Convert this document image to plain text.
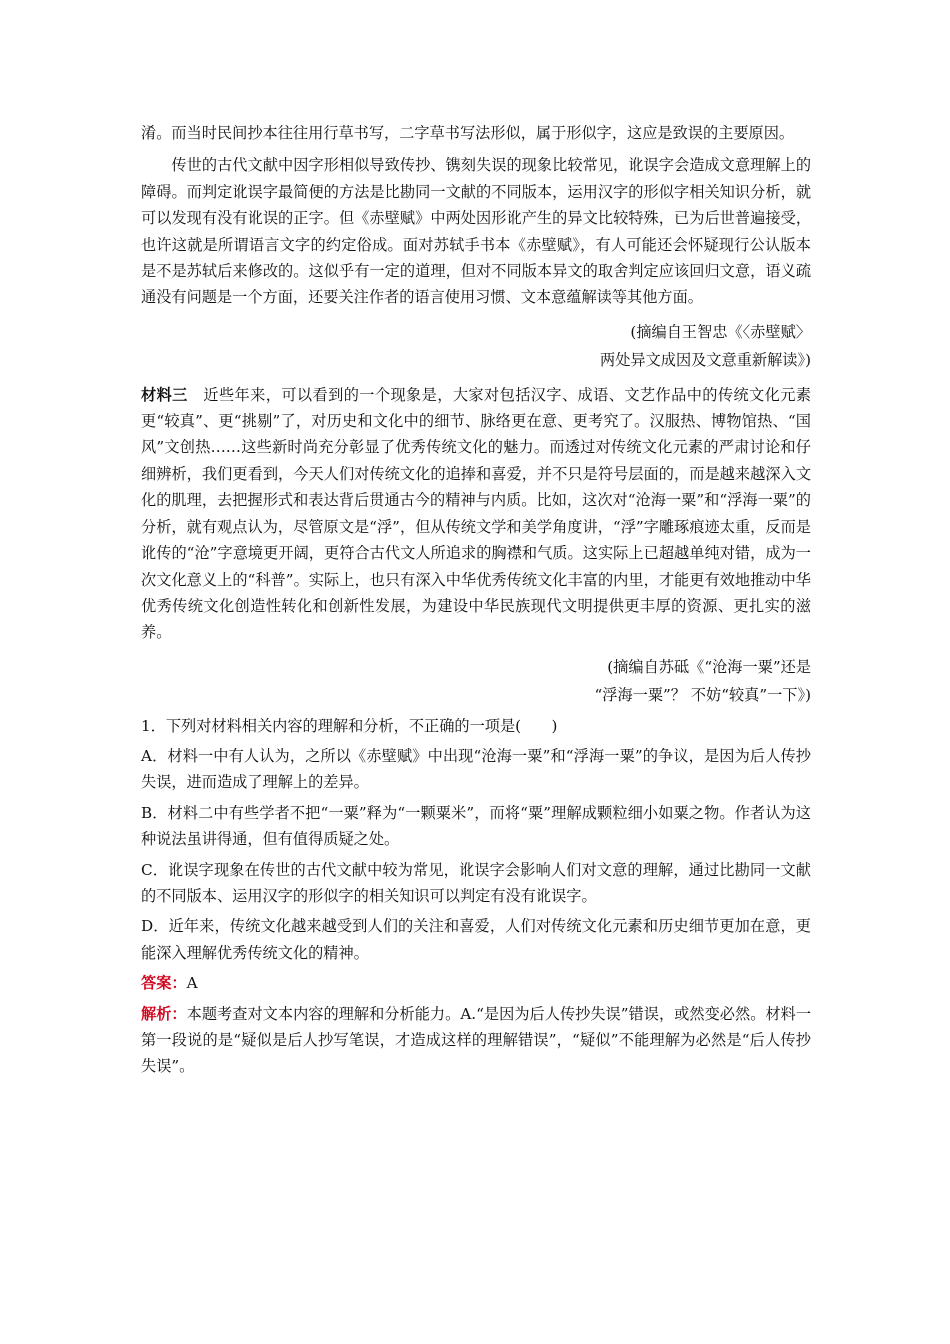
淆。而当时民间抄本往往用行草书写，二字草书写法形似，属于形似字，这应是致误的主要原因。

传世的古代文献中因字形相似导致传抄、镌刻失误的现象比较常见，讹误字会造成文意理解上的障碍。而判定讹误字最简便的方法是比勘同一文献的不同版本，运用汉字的形似字相关知识分析，就可以发现有没有讹误的正字。但《赤壁赋》中两处因形讹产生的异文比较特殊，已为后世普遍接受，也许这就是所谓语言文字的约定俗成。面对苏轼手书本《赤壁赋》，有人可能还会怀疑现行公认版本是不是苏轼后来修改的。这似乎有一定的道理，但对不同版本异文的取舍判定应该回归文意，语义疏通没有问题是一个方面，还要关注作者的语言使用习惯、文本意蕴解读等其他方面。

(摘编自王智忠《〈赤壁赋〉

两处异文成因及文意重新解读》)

材料三　 近些年来，可以看到的一个现象是，大家对包括汉字、成语、文艺作品中的传统文化元素更“较真”、更“挑剔”了，对历史和文化中的细节、脉络更在意、更考究了。汉服热、博物馆热、“国风”文创热……这些新时尚充分彰显了优秀传统文化的魅力。而透过对传统文化元素的严肃讨论和仔细辨析，我们更看到，今天人们对传统文化的追捧和喜爱，并不只是符号层面的，而是越来越深入文化的肌理，去把握形式和表达背后贯通古今的精神与内质。比如，这次对“沧海一粟”和“浮海一粟”的分析，就有观点认为，尽管原文是“浮”，但从传统文学和美学角度讲，“浮”字雕琢痕迹太重，反而是讹传的“沧”字意境更开阔，更符合古代文人所追求的胸襟和气质。这实际上已超越单纯对错，成为一次文化意义上的“科普”。实际上，也只有深入中华优秀传统文化丰富的内里，才能更有效地推动中华优秀传统文化创造性转化和创新性发展，为建设中华民族现代文明提供更丰厚的资源、更扎实的滋养。

(摘编自苏砥《“沧海一粟”还是

“浮海一粟”？ 不妨“较真”一下》)

1．下列对材料相关内容的理解和分析，不正确的一项是(　　)

A．材料一中有人认为，之所以《赤壁赋》中出现“沧海一粟”和“浮海一粟”的争议，是因为后人传抄失误，进而造成了理解上的差异。

B．材料二中有些学者不把“一粟”释为“一颗粟米”，而将“粟”理解成颗粒细小如粟之物。作者认为这种说法虽讲得通，但有值得质疑之处。

C．讹误字现象在传世的古代文献中较为常见，讹误字会影响人们对文意的理解，通过比勘同一文献的不同版本、运用汉字的形似字的相关知识可以判定有没有讹误字。

D．近年来，传统文化越来越受到人们的关注和喜爱，人们对传统文化元素和历史细节更加在意，更能深入理解优秀传统文化的精神。

答案：A

解析：本题考查对文本内容的理解和分析能力。A.“是因为后人传抄失误”错误，或然变必然。材料一第一段说的是“疑似是后人抄写笔误，才造成这样的理解错误”，“疑似”不能理解为必然是“后人传抄失误”。
